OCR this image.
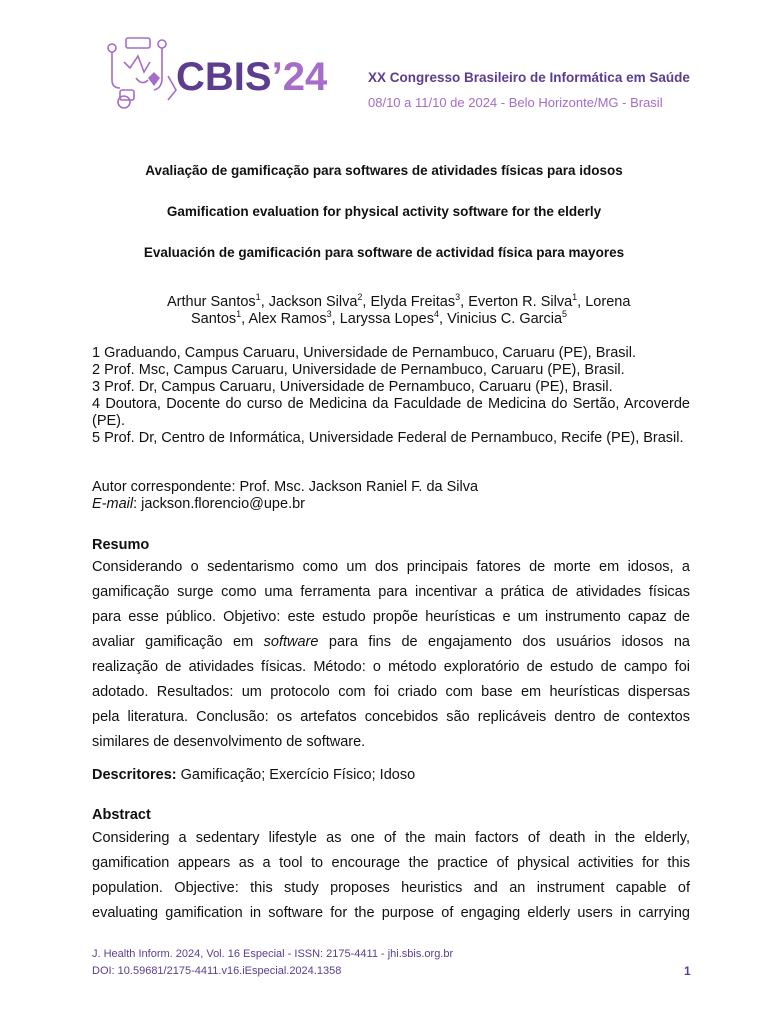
CBIS’24	XX Congresso Brasileiro de Informática em Saúde
08/10 a 11/10 de 2024 - Belo Horizonte/MG - Brasil
Avaliação de gamificação para softwares de atividades físicas para idosos
Gamification evaluation for physical activity software for the elderly
Evaluación de gamificación para software de actividad física para mayores
Arthur Santos$^1$, Jackson Silva$^2$, Elyda Freitas$^3$, Everton R. Silva$^1$, Lorena
Santos$^1$, Alex Ramos$^3$, Laryssa Lopes$^4$, Vinicius C. Garcia$^5$
1 Graduando, Campus Caruaru, Universidade de Pernambuco, Caruaru (PE), Brasil.
2 Prof. Msc, Campus Caruaru, Universidade de Pernambuco, Caruaru (PE), Brasil.
3 Prof. Dr, Campus Caruaru, Universidade de Pernambuco, Caruaru (PE), Brasil.
4 Doutora, Docente do curso de Medicina da Faculdade de Medicina do Sertão, Arcoverde (PE).
5 Prof. Dr, Centro de Informática, Universidade Federal de Pernambuco, Recife (PE), Brasil.
Autor correspondente: Prof. Msc. Jackson Raniel F. da Silva
E-mail: jackson.florencio@upe.br
Resumo
Considerando o sedentarismo como um dos principais fatores de morte em idosos, a
gamificação surge como uma ferramenta para incentivar a prática de atividades físicas
para esse público. Objetivo: este estudo propõe heurísticas e um instrumento capaz de
avaliar gamificação em software para fins de engajamento dos usuários idosos na
realização de atividades físicas. Método: o método exploratório de estudo de campo foi
adotado. Resultados: um protocolo com foi criado com base em heurísticas dispersas
pela literatura. Conclusão: os artefatos concebidos são replicáveis dentro de contextos
similares de desenvolvimento de software.
Descritores: Gamificação; Exercício Físico; Idoso
Abstract
Considering a sedentary lifestyle as one of the main factors of death in the elderly,
gamification appears as a tool to encourage the practice of physical activities for this
population. Objective: this study proposes heuristics and an instrument capable of
evaluating gamification in software for the purpose of engaging elderly users in carrying
J. Health Inform. 2024, Vol. 16 Especial - ISSN: 2175-4411 - jhi.sbis.org.br
DOI: 10.59681/2175-4411.v16.iEspecial.2024.1358	1
